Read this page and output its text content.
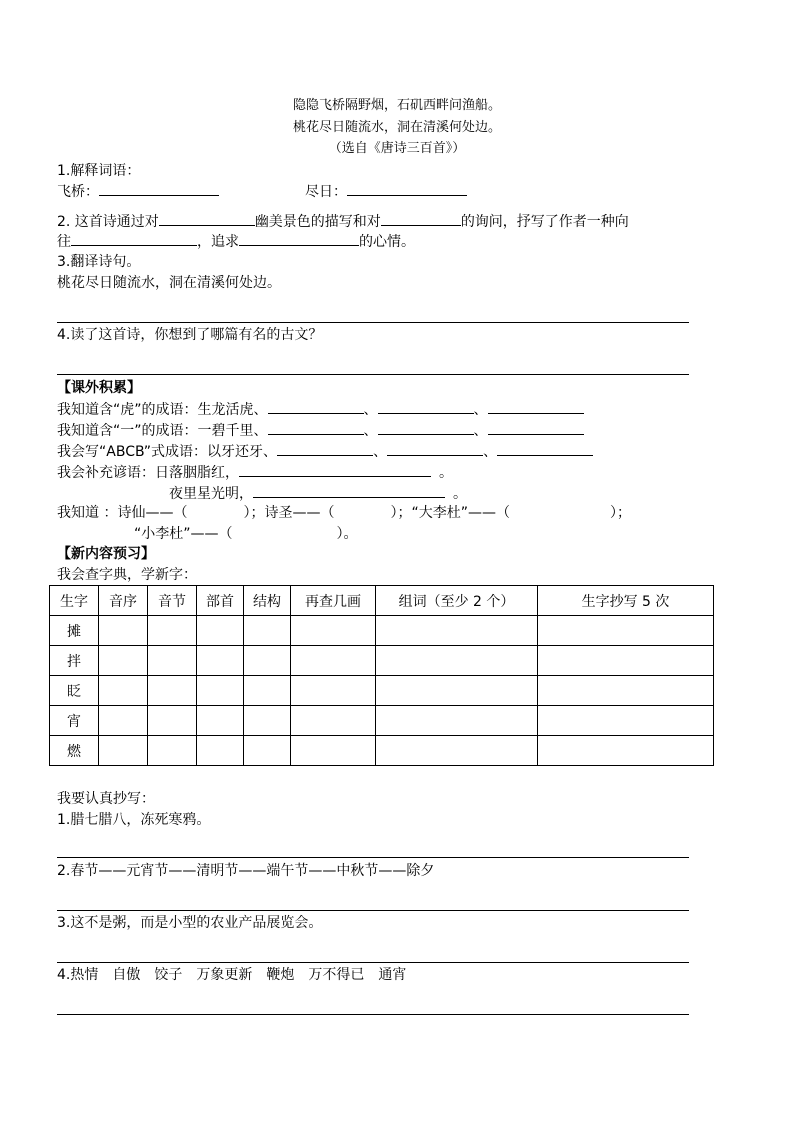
隐隐飞桥隔野烟，石矶西畔问渔船。
桃花尽日随流水，洞在清溪何处边。
（选自《唐诗三百首》）
1.解释词语：
飞桥：	尽日：
2. 这首诗通过对	幽美景色的描写和对	的询问，抒写了作者一种向
往	，追求	的心情。
3.翻译诗句。
桃花尽日随流水，洞在清溪何处边。
4.读了这首诗，你想到了哪篇有名的古文？
【课外积累】
我知道含“虎”的成语：生龙活虎、	、	、
我知道含“一”的成语：一碧千里、	、	、
我会写“ABCB”式成语：以牙还牙、	、	、
我会补充谚语：日落胭脂红，	。
夜里星光明，	。
我知道 ：诗仙——（	）；诗圣——（	）；“大李杜”——（	）；
“小李杜”——（	）。
【新内容预习】
我会查字典，学新字：
生字	音序	音节	部首	结构	再查几画	组词（至少 2 个）	生字抄写 5 次
摊							
拌							
眨							
宵							
燃							
我要认真抄写：
1.腊七腊八，冻死寒鸦。
2.春节——元宵节——清明节——端午节——中秋节——除夕
3.这不是粥，而是小型的农业产品展览会。
4.热情　自傲　饺子　万象更新　鞭炮　万不得已　通宵
